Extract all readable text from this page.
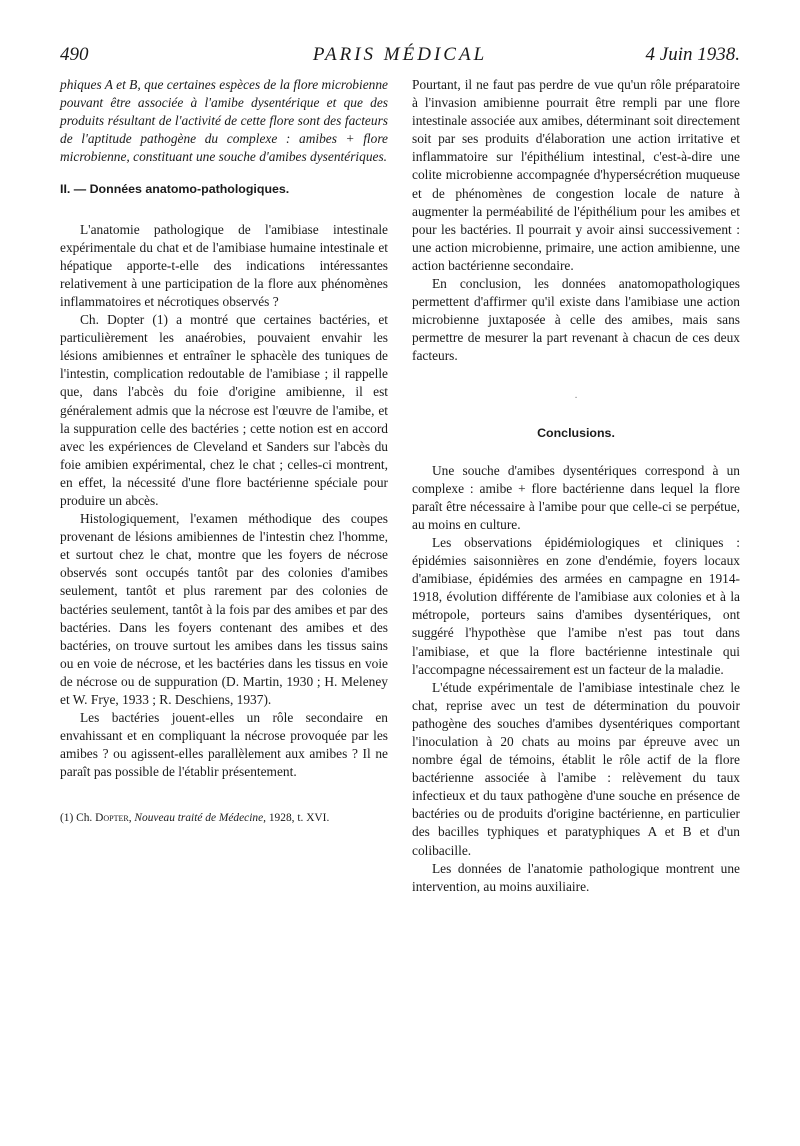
490	PARIS MÉDICAL	4 Juin 1938.

phiques A et B, que certaines espèces de la flore microbienne pouvant être associée à l'amibe dysentérique et que des produits résultant de l'activité de cette flore sont des facteurs de l'aptitude pathogène du complexe : amibes + flore microbienne, constituant une souche d'amibes dysentériques.

II. — Données anatomo-pathologiques.

L'anatomie pathologique de l'amibiase intestinale expérimentale du chat et de l'amibiase humaine intestinale et hépatique apporte-t-elle des indications intéressantes relativement à une participation de la flore aux phénomènes inflammatoires et nécrotiques observés ?

Ch. Dopter (1) a montré que certaines bactéries, et particulièrement les anaérobies, pouvaient envahir les lésions amibiennes et entraîner le sphacèle des tuniques de l'intestin, complication redoutable de l'amibiase ; il rappelle que, dans l'abcès du foie d'origine amibienne, il est généralement admis que la nécrose est l'œuvre de l'amibe, et la suppuration celle des bactéries ; cette notion est en accord avec les expériences de Cleveland et Sanders sur l'abcès du foie amibien expérimental, chez le chat ; celles-ci montrent, en effet, la nécessité d'une flore bactérienne spéciale pour produire un abcès.

Histologiquement, l'examen méthodique des coupes provenant de lésions amibiennes de l'intestin chez l'homme, et surtout chez le chat, montre que les foyers de nécrose observés sont occupés tantôt par des colonies d'amibes seulement, tantôt et plus rarement par des colonies de bactéries seulement, tantôt à la fois par des amibes et par des bactéries. Dans les foyers contenant des amibes et des bactéries, on trouve surtout les amibes dans les tissus sains ou en voie de nécrose, et les bactéries dans les tissus en voie de nécrose ou de suppuration (D. Martin, 1930 ; H. Meleney et W. Frye, 1933 ; R. Deschiens, 1937).

Les bactéries jouent-elles un rôle secondaire en envahissant et en compliquant la nécrose provoquée par les amibes ? ou agissent-elles parallèlement aux amibes ? Il ne paraît pas possible de l'établir présentement.

(1) Ch. Dopter, Nouveau traité de Médecine, 1928, t. XVI.

Pourtant, il ne faut pas perdre de vue qu'un rôle préparatoire à l'invasion amibienne pourrait être rempli par une flore intestinale associée aux amibes, déterminant soit directement soit par ses produits d'élaboration une action irritative et inflammatoire sur l'épithélium intestinal, c'est-à-dire une colite microbienne accompagnée d'hypersécrétion muqueuse et de phénomènes de congestion locale de nature à augmenter la perméabilité de l'épithélium pour les amibes et pour les bactéries. Il pourrait y avoir ainsi successivement : une action microbienne, primaire, une action amibienne, une action bactérienne secondaire.

En conclusion, les données anatomopathologiques permettent d'affirmer qu'il existe dans l'amibiase une action microbienne juxtaposée à celle des amibes, mais sans permettre de mesurer la part revenant à chacun de ces deux facteurs.

·
Conclusions.

Une souche d'amibes dysentériques correspond à un complexe : amibe + flore bactérienne dans lequel la flore paraît être nécessaire à l'amibe pour que celle-ci se perpétue, au moins en culture.

Les observations épidémiologiques et cliniques : épidémies saisonnières en zone d'endémie, foyers locaux d'amibiase, épidémies des armées en campagne en 1914-1918, évolution différente de l'amibiase aux colonies et à la métropole, porteurs sains d'amibes dysentériques, ont suggéré l'hypothèse que l'amibe n'est pas tout dans l'amibiase, et que la flore bactérienne intestinale qui l'accompagne nécessairement est un facteur de la maladie.

L'étude expérimentale de l'amibiase intestinale chez le chat, reprise avec un test de détermination du pouvoir pathogène des souches d'amibes dysentériques comportant l'inoculation à 20 chats au moins par épreuve avec un nombre égal de témoins, établit le rôle actif de la flore bactérienne associée à l'amibe : relèvement du taux infectieux et du taux pathogène d'une souche en présence de bactéries ou de produits d'origine bactérienne, en particulier des bacilles typhiques et paratyphiques A et B et d'un colibacille.

Les données de l'anatomie pathologique montrent une intervention, au moins auxiliaire.
